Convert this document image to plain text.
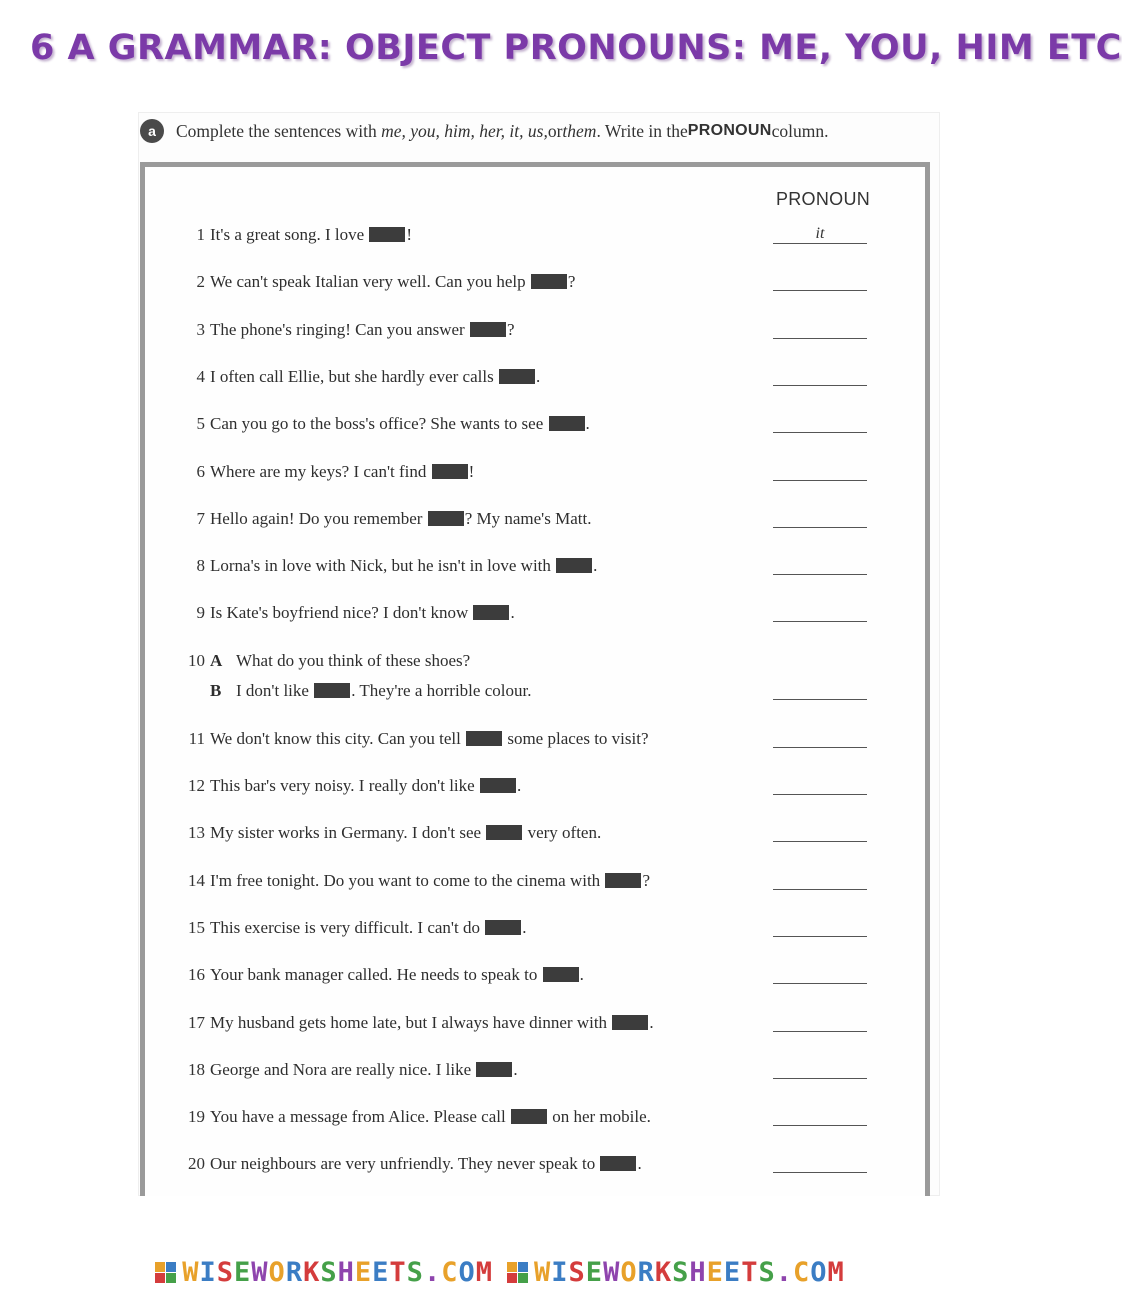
6 A GRAMMAR: OBJECT PRONOUNS: ME, YOU, HIM ETC
a	Complete the sentences with
me, you, him, her, it, us, or them . Write in the PRONOUN column.
PRONOUN
1 It's a great song. I love !	it
2 We can't speak Italian very well. Can you help ?
3 The phone's ringing! Can you answer ?
4 I often call Ellie, but she hardly ever calls .
5 Can you go to the boss's office? She wants to see .
6 Where are my keys? I can't find !
7 Hello again! Do you remember ? My name's Matt.
8 Lorna's in love with Nick, but he isn't in love with .
9 Is Kate's boyfriend nice? I don't know .
10 A What do you think of these shoes?
B I don't like . They're a horrible colour.
11 We don't know this city. Can you tell  some places to visit?
12 This bar's very noisy. I really don't like .
13 My sister works in Germany. I don't see  very often.
14 I'm free tonight. Do you want to come to the cinema with ?
15 This exercise is very difficult. I can't do .
16 Your bank manager called. He needs to speak to .
17 My husband gets home late, but I always have dinner with .
18 George and Nora are really nice. I like .
19 You have a message from Alice. Please call  on her mobile.
20 Our neighbours are very unfriendly. They never speak to .
WISEWORKSHEETS.COM WISEWORKSHEETS.COM
